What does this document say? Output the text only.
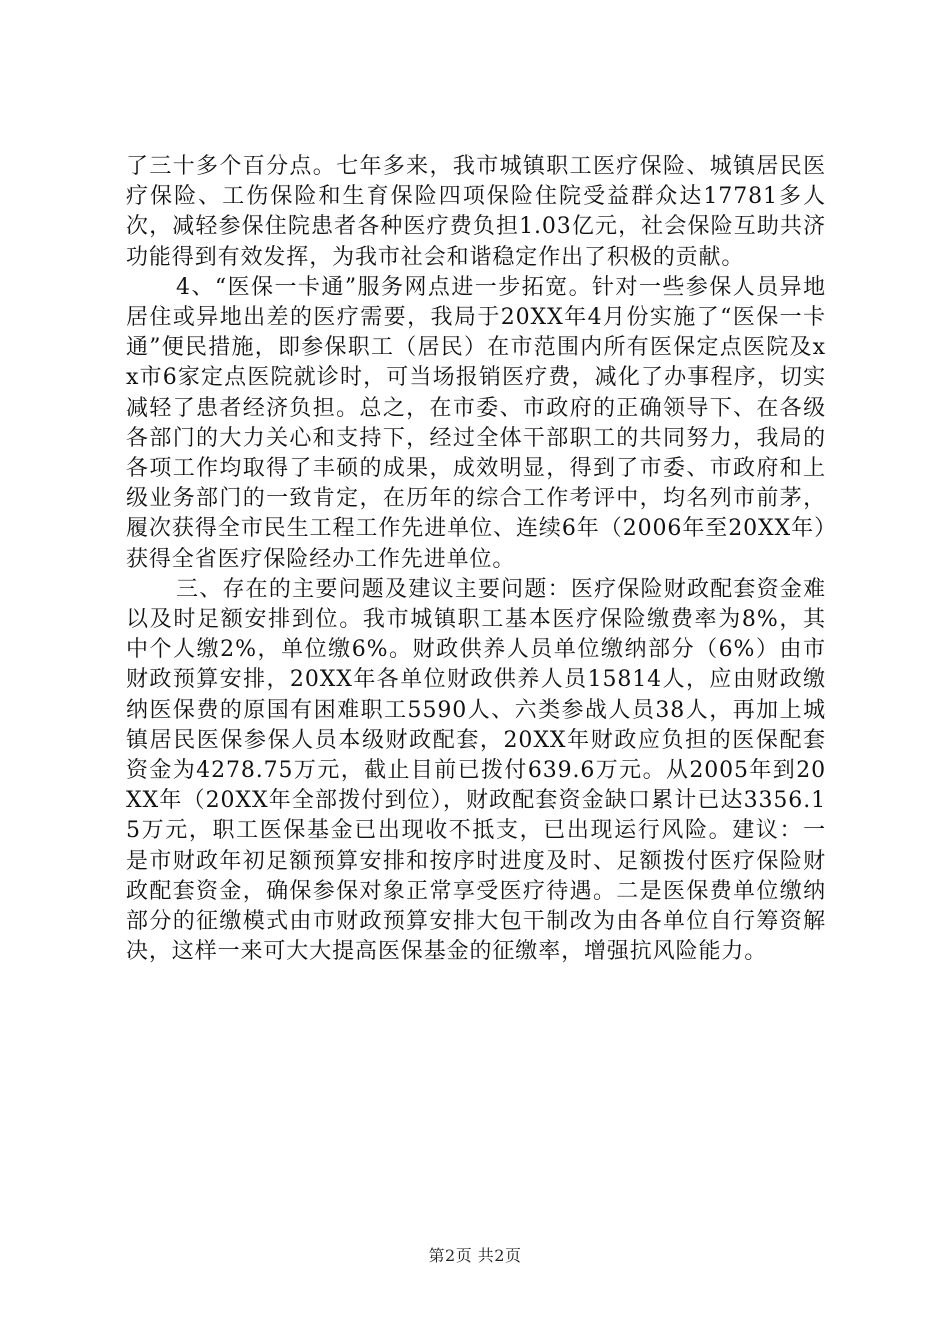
了三十多个百分点。七年多来，我市城镇职工医疗保险、城镇居民医疗保险、工伤保险和生育保险四项保险住院受益群众达17781多人次，减轻参保住院患者各种医疗费负担1.03亿元，社会保险互助共济功能得到有效发挥，为我市社会和谐稳定作出了积极的贡献。

4、“医保一卡通”服务网点进一步拓宽。针对一些参保人员异地居住或异地出差的医疗需要，我局于20XX年4月份实施了“医保一卡通”便民措施，即参保职工（居民）在市范围内所有医保定点医院及xx市6家定点医院就诊时，可当场报销医疗费，减化了办事程序，切实减轻了患者经济负担。总之，在市委、市政府的正确领导下、在各级各部门的大力关心和支持下，经过全体干部职工的共同努力，我局的各项工作均取得了丰硕的成果，成效明显，得到了市委、市政府和上级业务部门的一致肯定，在历年的综合工作考评中，均名列市前茅，履次获得全市民生工程工作先进单位、连续6年（2006年至20XX年）获得全省医疗保险经办工作先进单位。

三、存在的主要问题及建议主要问题：医疗保险财政配套资金难以及时足额安排到位。我市城镇职工基本医疗保险缴费率为8%，其中个人缴2%，单位缴6%。财政供养人员单位缴纳部分（6%）由市财政预算安排，20XX年各单位财政供养人员15814人，应由财政缴纳医保费的原国有困难职工5590人、六类参战人员38人，再加上城镇居民医保参保人员本级财政配套，20XX年财政应负担的医保配套资金为4278.75万元，截止目前已拨付639.6万元。从2005年到20XX年（20XX年全部拨付到位），财政配套资金缺口累计已达3356.15万元，职工医保基金已出现收不抵支，已出现运行风险。建议：一是市财政年初足额预算安排和按序时进度及时、足额拨付医疗保险财政配套资金，确保参保对象正常享受医疗待遇。二是医保费单位缴纳部分的征缴模式由市财政预算安排大包干制改为由各单位自行筹资解决，这样一来可大大提高医保基金的征缴率，增强抗风险能力。

第2页 共2页
